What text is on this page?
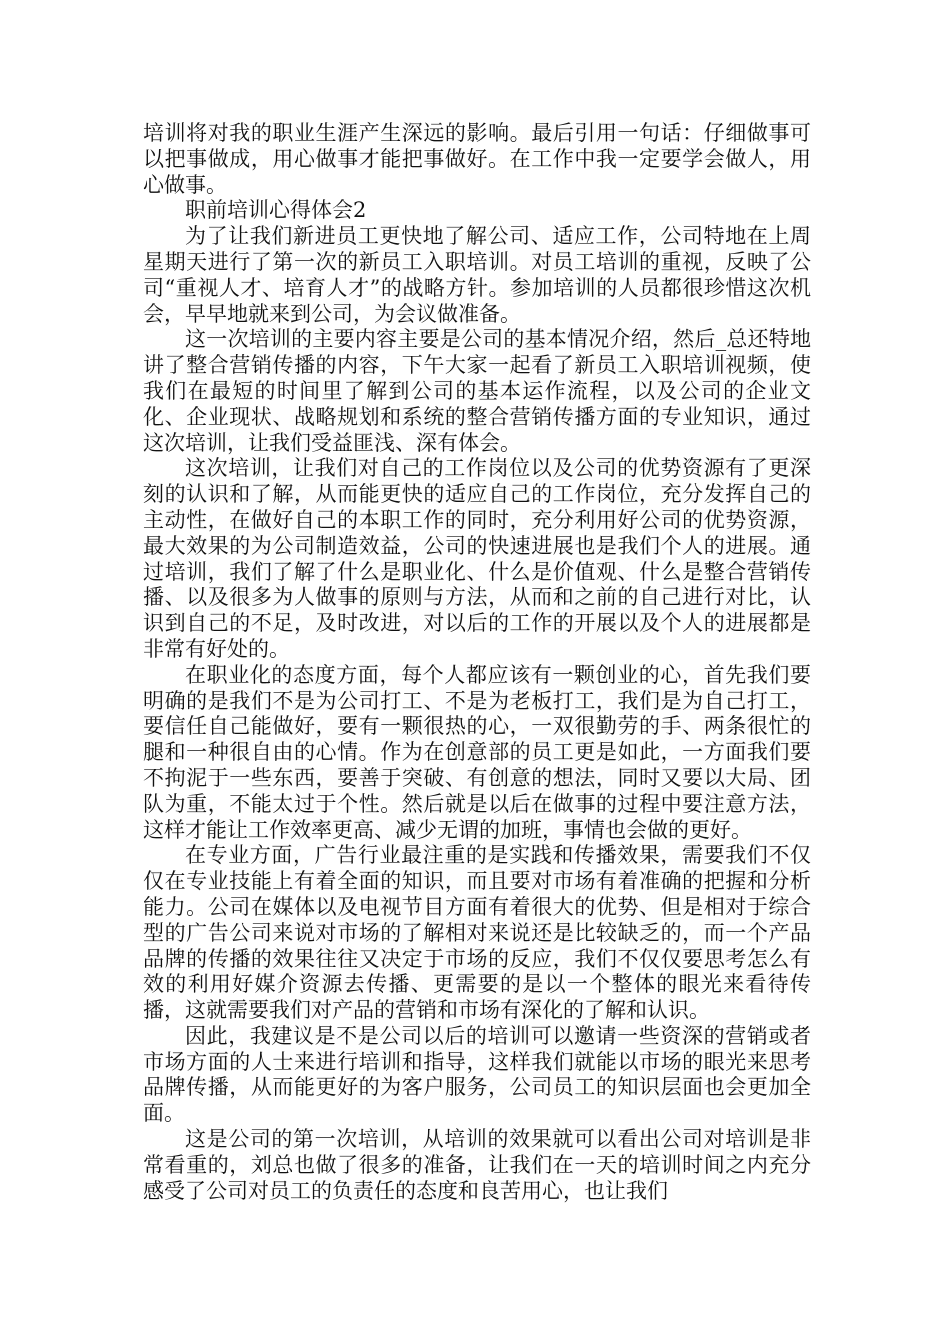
培训将对我的职业生涯产生深远的影响。最后引用一句话：仔细做事可以把事做成，用心做事才能把事做好。在工作中我一定要学会做人，用心做事。

职前培训心得体会2

为了让我们新进员工更快地了解公司、适应工作，公司特地在上周星期天进行了第一次的新员工入职培训。对员工培训的重视，反映了公司“重视人才、培育人才”的战略方针。参加培训的人员都很珍惜这次机会，早早地就来到公司，为会议做准备。

这一次培训的主要内容主要是公司的基本情况介绍，然后_总还特地讲了整合营销传播的内容，下午大家一起看了新员工入职培训视频，使我们在最短的时间里了解到公司的基本运作流程，以及公司的企业文化、企业现状、战略规划和系统的整合营销传播方面的专业知识，通过这次培训，让我们受益匪浅、深有体会。

这次培训，让我们对自己的工作岗位以及公司的优势资源有了更深刻的认识和了解，从而能更快的适应自己的工作岗位，充分发挥自己的主动性，在做好自己的本职工作的同时，充分利用好公司的优势资源，最大效果的为公司制造效益，公司的快速进展也是我们个人的进展。通过培训，我们了解了什么是职业化、什么是价值观、什么是整合营销传播、以及很多为人做事的原则与方法，从而和之前的自己进行对比，认识到自己的不足，及时改进，对以后的工作的开展以及个人的进展都是非常有好处的。

在职业化的态度方面，每个人都应该有一颗创业的心，首先我们要明确的是我们不是为公司打工、不是为老板打工，我们是为自己打工，要信任自己能做好，要有一颗很热的心，一双很勤劳的手、两条很忙的腿和一种很自由的心情。作为在创意部的员工更是如此，一方面我们要不拘泥于一些东西，要善于突破、有创意的想法，同时又要以大局、团队为重，不能太过于个性。然后就是以后在做事的过程中要注意方法，这样才能让工作效率更高、减少无谓的加班，事情也会做的更好。

在专业方面，广告行业最注重的是实践和传播效果，需要我们不仅仅在专业技能上有着全面的知识，而且要对市场有着准确的把握和分析能力。公司在媒体以及电视节目方面有着很大的优势、但是相对于综合型的广告公司来说对市场的了解相对来说还是比较缺乏的，而一个产品品牌的传播的效果往往又决定于市场的反应，我们不仅仅要思考怎么有效的利用好媒介资源去传播、更需要的是以一个整体的眼光来看待传播，这就需要我们对产品的营销和市场有深化的了解和认识。

因此，我建议是不是公司以后的培训可以邀请一些资深的营销或者市场方面的人士来进行培训和指导，这样我们就能以市场的眼光来思考品牌传播，从而能更好的为客户服务，公司员工的知识层面也会更加全面。

这是公司的第一次培训，从培训的效果就可以看出公司对培训是非常看重的，刘总也做了很多的准备，让我们在一天的培训时间之内充分感受了公司对员工的负责任的态度和良苦用心，也让我们
